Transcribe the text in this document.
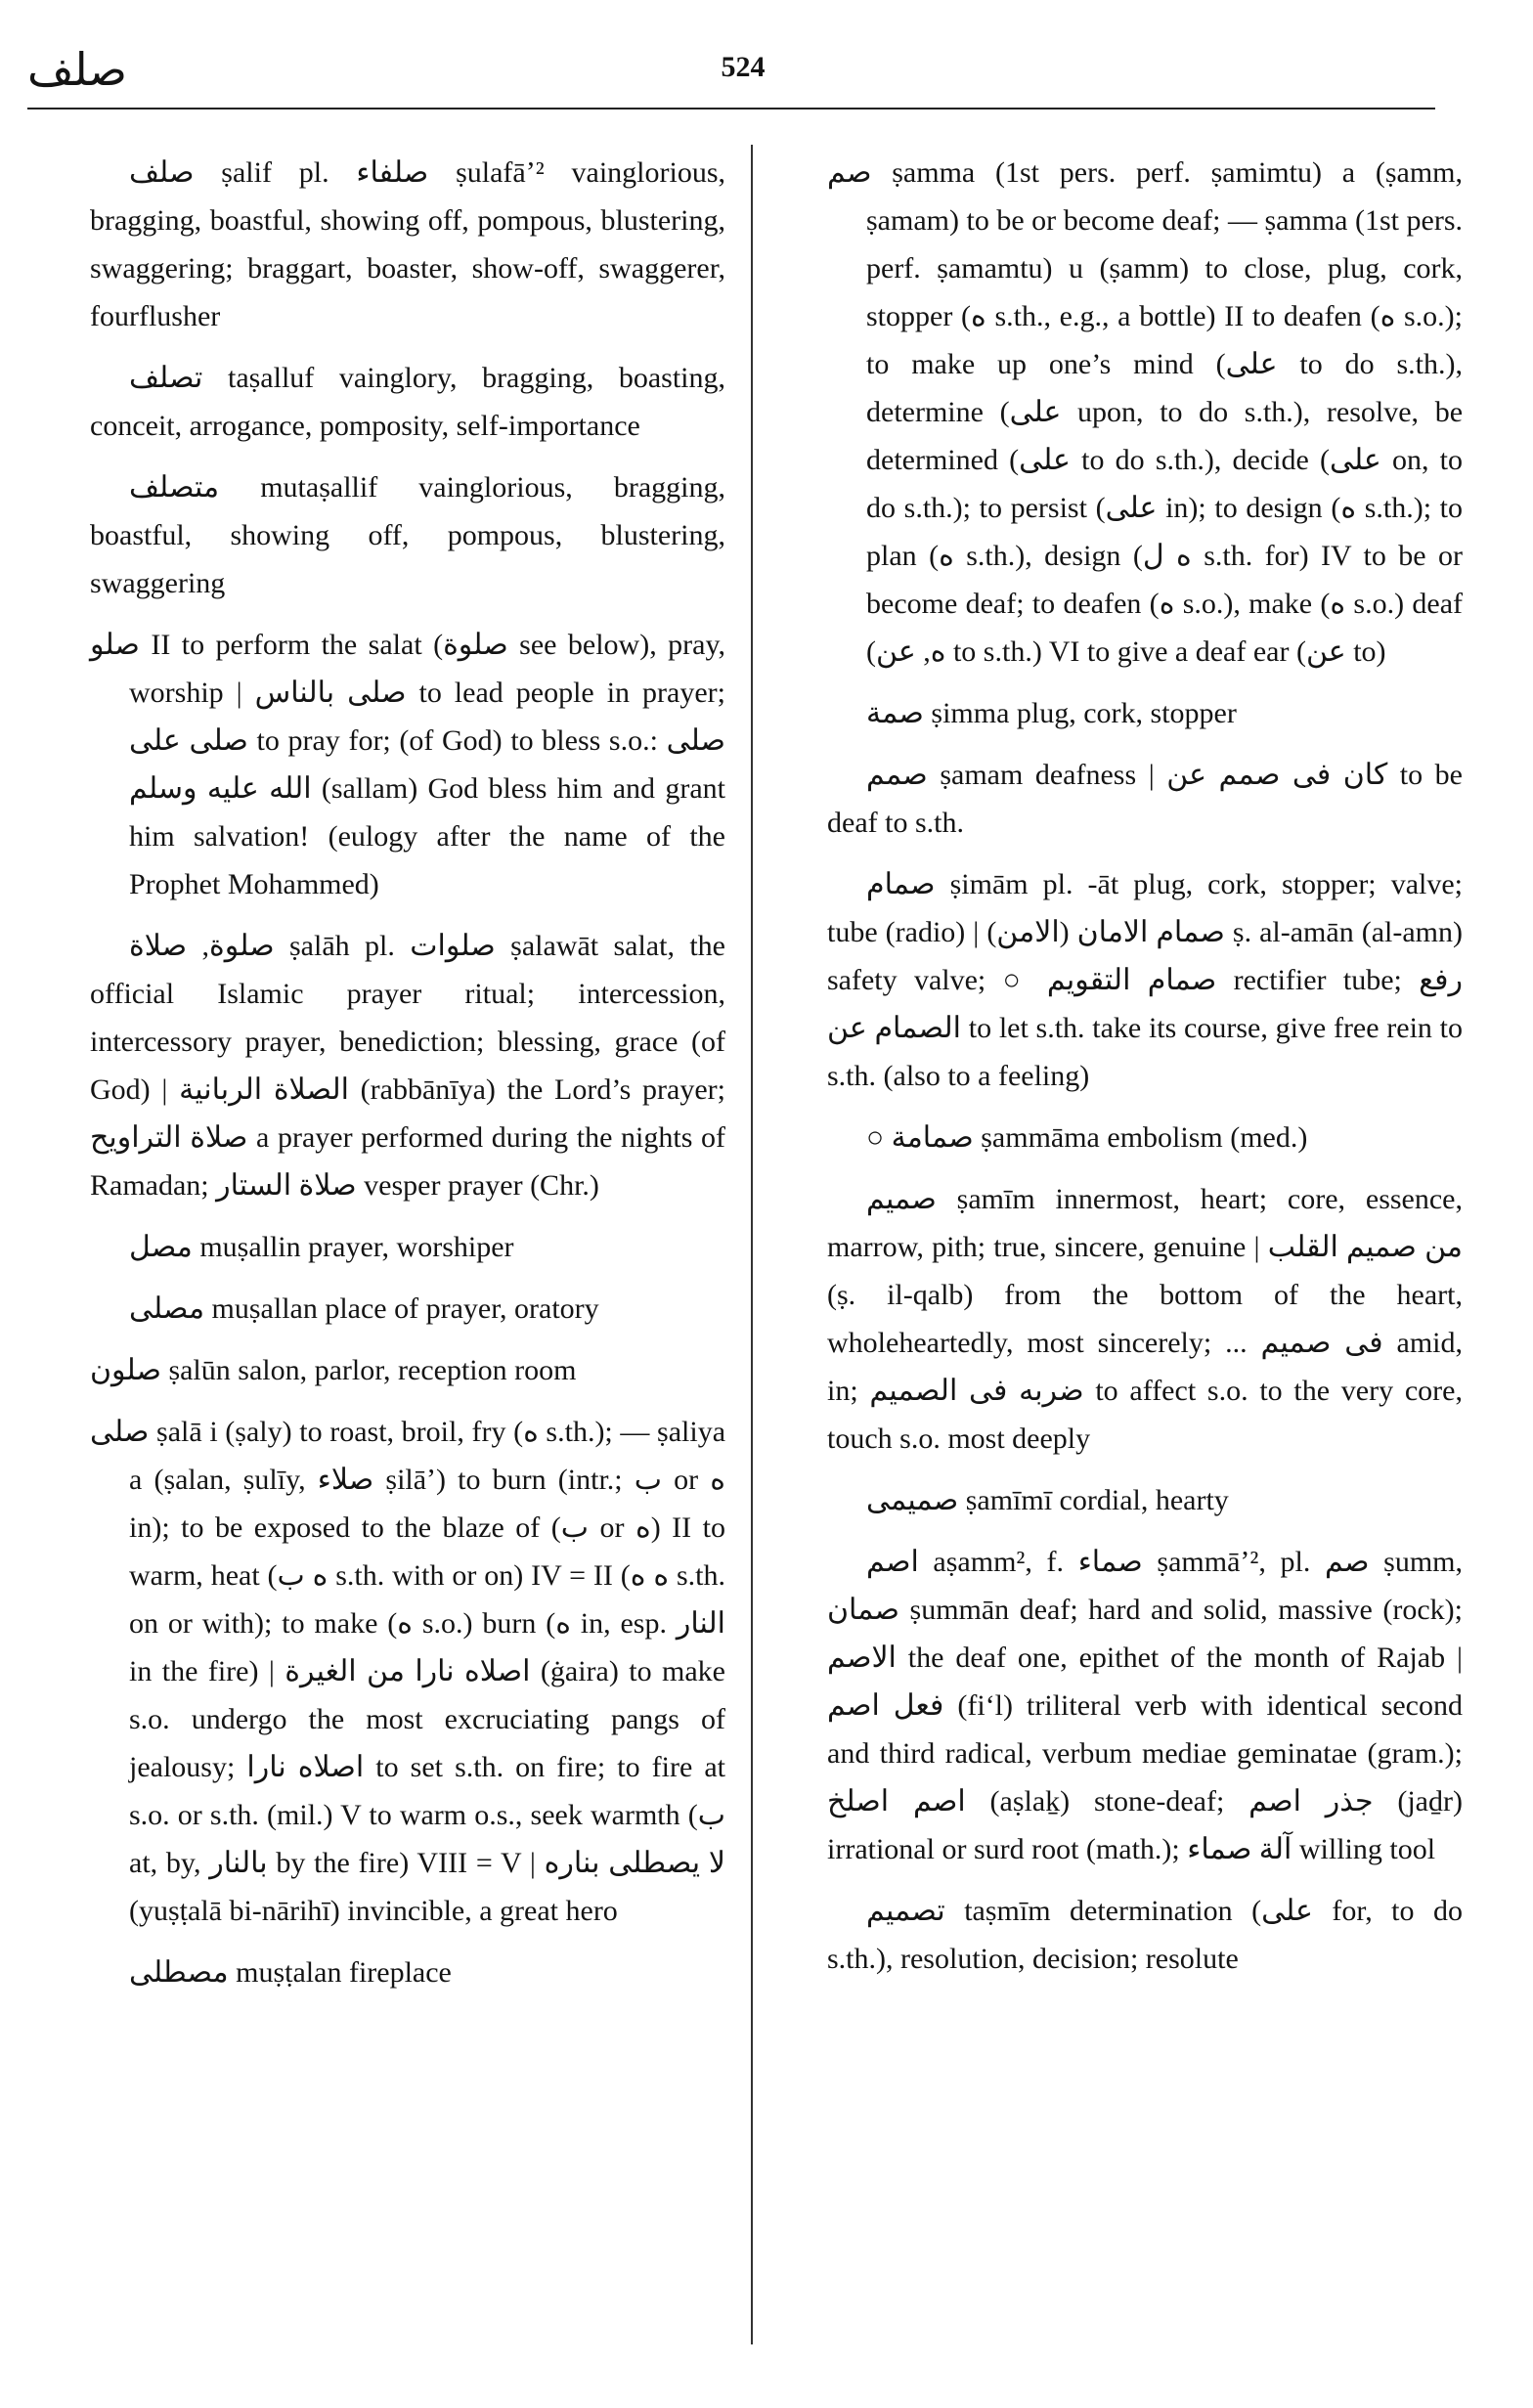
صلف	524

صلف ṣalif pl. صلفاء ṣulafāʼ² vainglorious, bragging, boastful, showing off, pompous, blustering, swaggering; braggart, boaster, show-off, swaggerer, fourflusher

تصلف taṣalluf vainglory, bragging, boasting, conceit, arrogance, pomposity, self-importance

متصلف mutaṣallif vainglorious, bragging, boastful, showing off, pompous, blustering, swaggering

صلو II to perform the salat (صلوة see below), pray, worship | صلى بالناس to lead people in prayer; صلى على to pray for; (of God) to bless s.o.: صلى الله عليه وسلم (sallam) God bless him and grant him salvation! (eulogy after the name of the Prophet Mohammed)

صلوة, صلاة ṣalāh pl. صلوات ṣalawāt salat, the official Islamic prayer ritual; intercession, intercessory prayer, benediction; blessing, grace (of God) | الصلاة الربانية (rabbānīya) the Lord’s prayer; صلاة التراويح a prayer performed during the nights of Ramadan; صلاة الستار vesper prayer (Chr.)

مصل muṣallin prayer, worshiper

مصلى muṣallan place of prayer, oratory

صلون ṣalūn salon, parlor, reception room

صلى ṣalā i (ṣaly) to roast, broil, fry (ه s.th.); — ṣaliya a (ṣalan, ṣulīy, صلاء ṣilāʼ) to burn (intr.; ب or ه in); to be exposed to the blaze of (ب or ه) II to warm, heat (ه ب s.th. with or on) IV = II (ه ه s.th. on or with); to make (ه s.o.) burn (ه in, esp. النار in the fire) | اصلاه نارا من الغيرة (ġaira) to make s.o. undergo the most excruciating pangs of jealousy; اصلاه نارا to set s.th. on fire; to fire at s.o. or s.th. (mil.) V to warm o.s., seek warmth (ب at, by, بالنار by the fire) VIII = V | لا يصطلى بناره (yuṣṭalā bi-nārihī) invincible, a great hero

مصطلى muṣṭalan fireplace

صم ṣamma (1st pers. perf. ṣamimtu) a (ṣamm, ṣamam) to be or become deaf; — ṣamma (1st pers. perf. ṣamamtu) u (ṣamm) to close, plug, cork, stopper (ه s.th., e.g., a bottle) II to deafen (ه s.o.); to make up one’s mind (على to do s.th.), determine (على upon, to do s.th.), resolve, be determined (على to do s.th.), decide (على on, to do s.th.); to persist (على in); to design (ه s.th.); to plan (ه s.th.), design (ه ل s.th. for) IV to be or become deaf; to deafen (ه s.o.), make (ه s.o.) deaf (ه, عن to s.th.) VI to give a deaf ear (عن to)

صمة ṣimma plug, cork, stopper

صمم ṣamam deafness | كان فى صمم عن to be deaf to s.th.

صمام ṣimām pl. -āt plug, cork, stopper; valve; tube (radio) | صمام الامان (الامن) ṣ. al-amān (al-amn) safety valve; ○ صمام التقويم rectifier tube; رفع الصمام عن to let s.th. take its course, give free rein to s.th. (also to a feeling)

○ صمامة ṣammāma embolism (med.)

صميم ṣamīm innermost, heart; core, essence, marrow, pith; true, sincere, genuine | من صميم القلب (ṣ. il-qalb) from the bottom of the heart, wholeheartedly, most sincerely; ... فى صميم amid, in; ضربه فى الصميم to affect s.o. to the very core, touch s.o. most deeply

صميمى ṣamīmī cordial, hearty

اصم aṣamm², f. صماء ṣammāʼ², pl. صم ṣumm, صمان ṣummān deaf; hard and solid, massive (rock); الاصم the deaf one, epithet of the month of Rajab | فعل اصم (fiʻl) triliteral verb with identical second and third radical, verbum mediae geminatae (gram.); اصم اصلخ (aṣlaḵ) stone-deaf; جذر اصم (jaḏr) irrational or surd root (math.); آلة صماء willing tool

تصميم taṣmīm determination (على for, to do s.th.), resolution, decision; resolute
